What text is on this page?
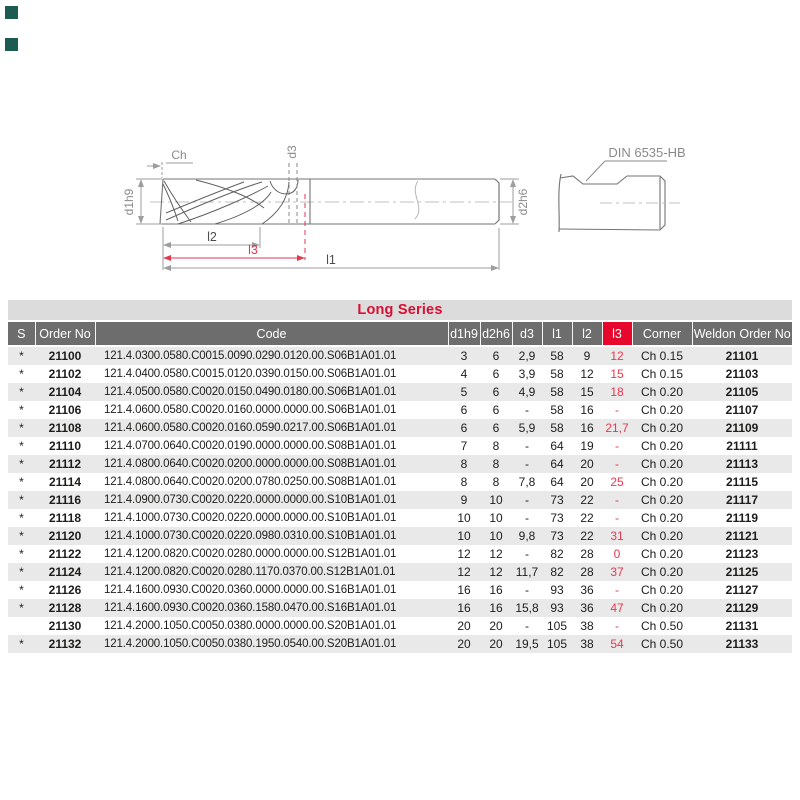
d1h9	d2h6
Ch	d3
l2
l3
l1
DIN 6535-HB
Long Series
S	Order No	Code	d1h9	d2h6	d3	l1	l2	l3	Corner	Weldon Order No
*	21100	121.4.0300.0580.C0015.0090.0290.0120.00.S06B1A01.01	3	6	2,9	58	9	12	Ch 0.15	21101
*	21102	121.4.0400.0580.C0015.0120.0390.0150.00.S06B1A01.01	4	6	3,9	58	12	15	Ch 0.15	21103
*	21104	121.4.0500.0580.C0020.0150.0490.0180.00.S06B1A01.01	5	6	4,9	58	15	18	Ch 0.20	21105
*	21106	121.4.0600.0580.C0020.0160.0000.0000.00.S06B1A01.01	6	6	-	58	16	-	Ch 0.20	21107
*	21108	121.4.0600.0580.C0020.0160.0590.0217.00.S06B1A01.01	6	6	5,9	58	16	21,7	Ch 0.20	21109
*	21110	121.4.0700.0640.C0020.0190.0000.0000.00.S08B1A01.01	7	8	-	64	19	-	Ch 0.20	21111
*	21112	121.4.0800.0640.C0020.0200.0000.0000.00.S08B1A01.01	8	8	-	64	20	-	Ch 0.20	21113
*	21114	121.4.0800.0640.C0020.0200.0780.0250.00.S08B1A01.01	8	8	7,8	64	20	25	Ch 0.20	21115
*	21116	121.4.0900.0730.C0020.0220.0000.0000.00.S10B1A01.01	9	10	-	73	22	-	Ch 0.20	21117
*	21118	121.4.1000.0730.C0020.0220.0000.0000.00.S10B1A01.01	10	10	-	73	22	-	Ch 0.20	21119
*	21120	121.4.1000.0730.C0020.0220.0980.0310.00.S10B1A01.01	10	10	9,8	73	22	31	Ch 0.20	21121
*	21122	121.4.1200.0820.C0020.0280.0000.0000.00.S12B1A01.01	12	12	-	82	28	0	Ch 0.20	21123
*	21124	121.4.1200.0820.C0020.0280.1170.0370.00.S12B1A01.01	12	12	11,7	82	28	37	Ch 0.20	21125
*	21126	121.4.1600.0930.C0020.0360.0000.0000.00.S16B1A01.01	16	16	-	93	36	-	Ch 0.20	21127
*	21128	121.4.1600.0930.C0020.0360.1580.0470.00.S16B1A01.01	16	16	15,8	93	36	47	Ch 0.20	21129
	21130	121.4.2000.1050.C0050.0380.0000.0000.00.S20B1A01.01	20	20	-	105	38	-	Ch 0.50	21131
*	21132	121.4.2000.1050.C0050.0380.1950.0540.00.S20B1A01.01	20	20	19,5	105	38	54	Ch 0.50	21133
